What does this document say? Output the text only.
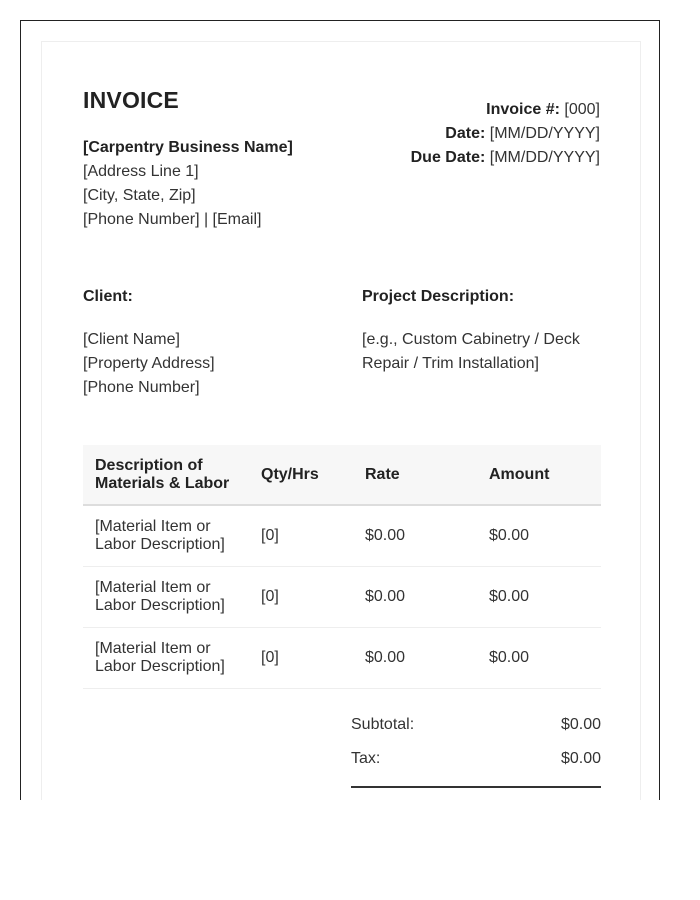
INVOICE
[Carpentry Business Name]
[Address Line 1]
[City, State, Zip]
[Phone Number] | [Email]
Invoice #: [000]
Date: [MM/DD/YYYY]
Due Date: [MM/DD/YYYY]
Client:	Project Description:
[Client Name]
[Property Address]
[Phone Number]
[e.g., Custom Cabinetry / Deck Repair / Trim Installation]
Description of Materials & Labor	Qty/Hrs	Rate	Amount
[Material Item or Labor Description]	[0]	$0.00	$0.00
[Material Item or Labor Description]	[0]	$0.00	$0.00
[Material Item or Labor Description]	[0]	$0.00	$0.00
Subtotal:	$0.00
Tax:	$0.00
